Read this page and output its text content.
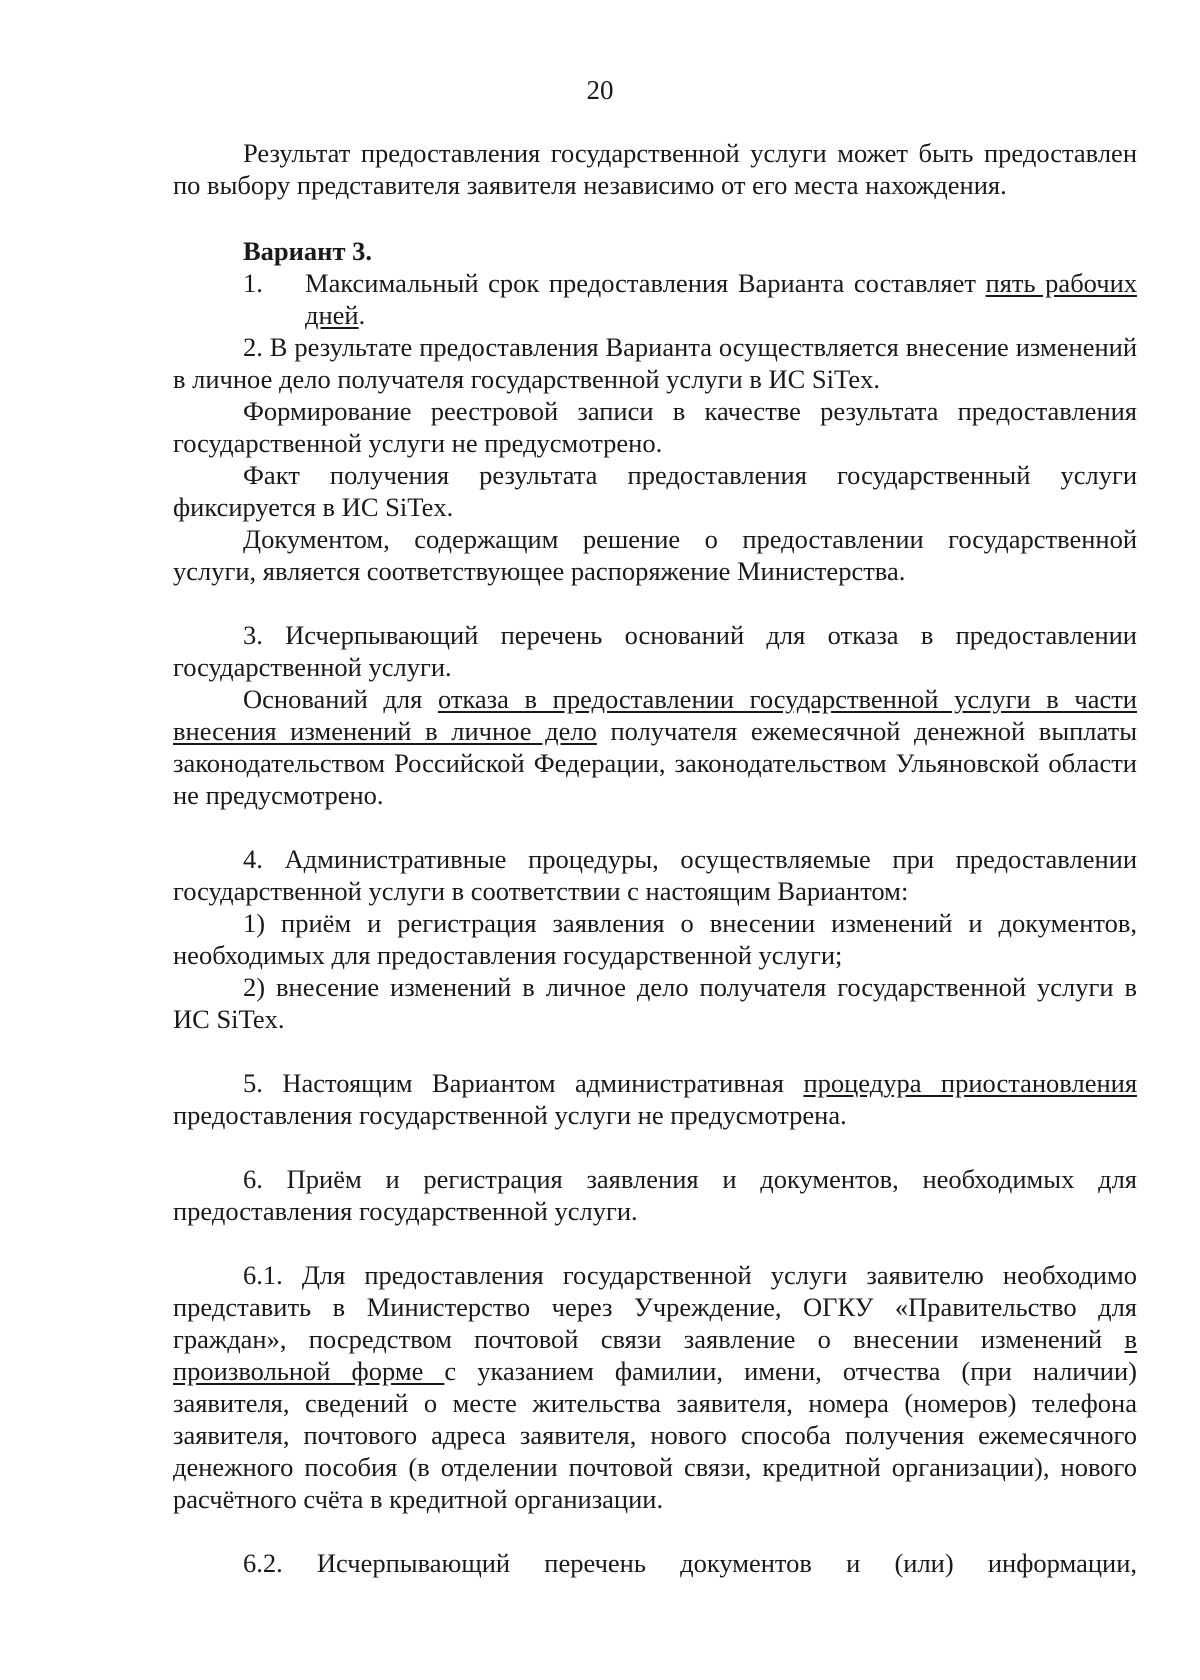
20

Результат предоставления государственной услуги может быть предоставлен по выбору представителя заявителя независимо от его места нахождения.

Вариант 3.

1.	Максимальный срок предоставления Варианта составляет пять рабочих дней.

2. В результате предоставления Варианта осуществляется внесение изменений в личное дело получателя государственной услуги в ИС SiTex.

Формирование реестровой записи в качестве результата предоставления государственной услуги не предусмотрено.

Факт получения результата предоставления государственный услуги фиксируется в ИС SiTex.

Документом, содержащим решение о предоставлении государственной услуги, является соответствующее распоряжение Министерства.

3. Исчерпывающий перечень оснований для отказа в предоставлении государственной услуги.

Оснований для отказа в предоставлении государственной услуги в части внесения изменений в личное дело получателя ежемесячной денежной выплаты законодательством Российской Федерации, законодательством Ульяновской области не предусмотрено.

4. Административные процедуры, осуществляемые при предоставлении государственной услуги в соответствии с настоящим Вариантом:

1) приём и регистрация заявления о внесении изменений и документов, необходимых для предоставления государственной услуги;

2) внесение изменений в личное дело получателя государственной услуги в ИС SiTex.

5. Настоящим Вариантом административная процедура приостановления предоставления государственной услуги не предусмотрена.

6. Приём и регистрация заявления и документов, необходимых для предоставления государственной услуги.

6.1. Для предоставления государственной услуги заявителю необходимо представить в Министерство через Учреждение, ОГКУ «Правительство для граждан», посредством почтовой связи заявление о внесении изменений в произвольной форме с указанием фамилии, имени, отчества (при наличии) заявителя, сведений о месте жительства заявителя, номера (номеров) телефона заявителя, почтового адреса заявителя, нового способа получения ежемесячного денежного пособия (в отделении почтовой связи, кредитной организации), нового расчётного счёта в кредитной организации.

6.2. Исчерпывающий перечень документов и (или) информации,
